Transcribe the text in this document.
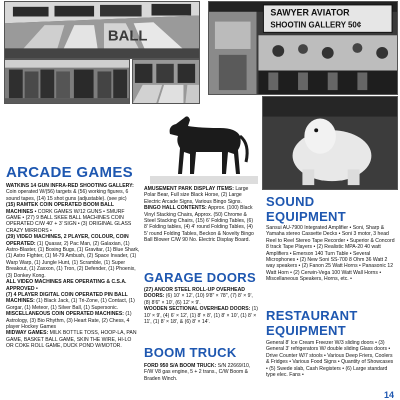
BALL
SAWYER AVIATOR
SHOOTIN GALLERY 50¢
ARCADE GAMES

WATKINS 14 GUN INFRA-RED SHOOTING GALLERY: Coin operated W/(56) targets & (56) working figures, 6 sound tapes, (14) 15 shot guns (adjustable). (see pic)

(15) RAMTEK COIN OPERATED BOOM BALL MACHINES • CORK GAMES W/12 GUNS • SMURF GAME • (27) 9 BALL SKEE BALL MACHINES COIN OPERATED C/W 40' + 3' SIGN • (3) ORIGINAL GLASS CRAZY MIRRORS •

(29) VIDEO MACHINES, 2 PLAYER, COLOUR, COIN OPERATED: (1) Quasar, 2) Pac Man, (2) Galaxian, (1) Astro-Blaster, (1) Boxing Bugs, (1) Gravitar, (1) Blue Shark, (1) Astro Fighter, (1) M-79 Ambush, (2) Space Invader, (1) Warp Warp, (1) Jungle Hunt, (1) Scramble, (1) Super Breakout, (1) Zaxxon, (1) Tron, (2) Defender, (1) Phoenix, (3) Donkey Kong.

ALL VIDEO MACHINES ARE OPERATING & C.S.A. APPROVED •

(7) 4 PLAYER DIGITAL COIN OPERATED PIN BALL MACHINES: (1) Black Jack, (1) Tri-Zone, (1) Contact, (1) Gorgar, (1) Meteor, (1) Silver Ball, (1) Supersonic.

MISCELLANEOUS COIN OPERATED MACHINES: (1) Astrology, (3) Bio Rhythm, (3) Heart Rate, (2) Chess, 4 player Hockey Games

MIDWAY GAMES: MILK BOTTLE TOSS, HOOP-LA, PAN GAME, BASKET BALL GAME, SKIN THE WIRE, HI-LO OR COKE ROLL GAME, DUCK POND W/MOTOR.

AMUSEMENT PARK DISPLAY ITEMS: Large Polar Bear, Full size Black Horse, (2) Large Electric Arcade Signs, Various Bingo Signs.

BINGO HALL CONTENTS: Approx. (100) Black Vinyl Stacking Chairs, Approx. (50) Chrome & Steel Stacking Chairs, (15) 6' Folding Tables, (6) 8' Folding tables, (4) 4' round Folding Tables, (4) 5' round Folding Tables, Beckon & Novelty Bingo Ball Blower C/W 90 No. Electric Display Board.

GARAGE DOORS

(27) ANCOR STEEL ROLL-UP OVERHEAD DOORS: (6) 10' × 12', (10) 9'8" × 78", (7) 8' × 9', (8) 8'6" × 10', (6) 12' × 9'.

WOODEN SECTIONAL OVERHEAD DOORS: (1) 10' × 9', (4) 6' × 12', (1) 8' × 8', (1) 8' × 10', (1) 8' × 11', (1) 8' × 18', & (6) 8' × 14'.

BOOM TRUCK

FORD 950 S/A BOOM TRUCK: S/N 22669/10, F/W V8 gas engine, 5 + 2 trans., C/W Boom & Braden Winch.

SOUND EQUIPMENT

Sansui AU-7900 Integrated Amplifier • Soni, Sharp & Yamaha stereo Cassette Decks • Soni 3 motor, 3 head Reel to Reel Stereo Tape Recorder • Superior & Concord 8 track Tape Players • (2) Realistic MPA-20 40 watt Amplifiers • Emerson 140 Turn Table • Several Microphones • (2) New Soni SS-700 8 Ohm 36 Watt 2 way speakers • (2) Fanon 25 Watt Horns • Panasonic 12 Watt Horn • (2) Cerwin-Vega 100 Watt Wall Horns • Miscellaneous Speakers, Horns, etc. •

RESTAURANT EQUIPMENT

General 8' Ice Cream Freezer W/3 sliding doors • (3) General 3' refrigerators W/ double sliding Glass doors • Drive Counter W/7 stools • Various Deep Friers, Coolers & Fridges • Various Food Signs • Quantity of Showcases • (5) Swede slab, Cash Registers • (6) Large standard type elec. Fans •

14
